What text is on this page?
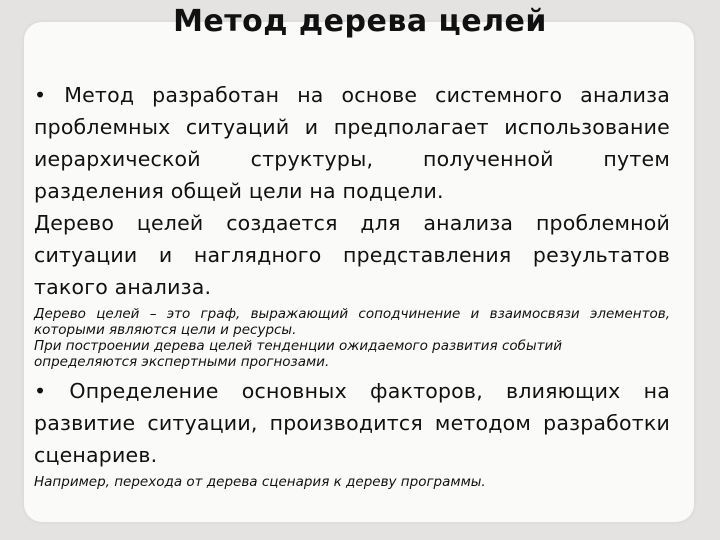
Метод дерева целей

• Метод разработан на основе системного анализа проблемных ситуаций и предполагает использование иерархической структуры, полученной путем разделения общей цели на подцели.

Дерево целей создается для анализа проблемной ситуации и наглядного представления результатов такого анализа.

Дерево целей – это граф, выражающий соподчинение и взаимосвязи элементов, которыми являются цели и ресурсы.

При построении дерева целей тенденции ожидаемого развития событий

определяются экспертными прогнозами.

• Определение основных факторов, влияющих на развитие ситуации, производится методом разработки сценариев.

Например, перехода от дерева сценария к дереву программы.
